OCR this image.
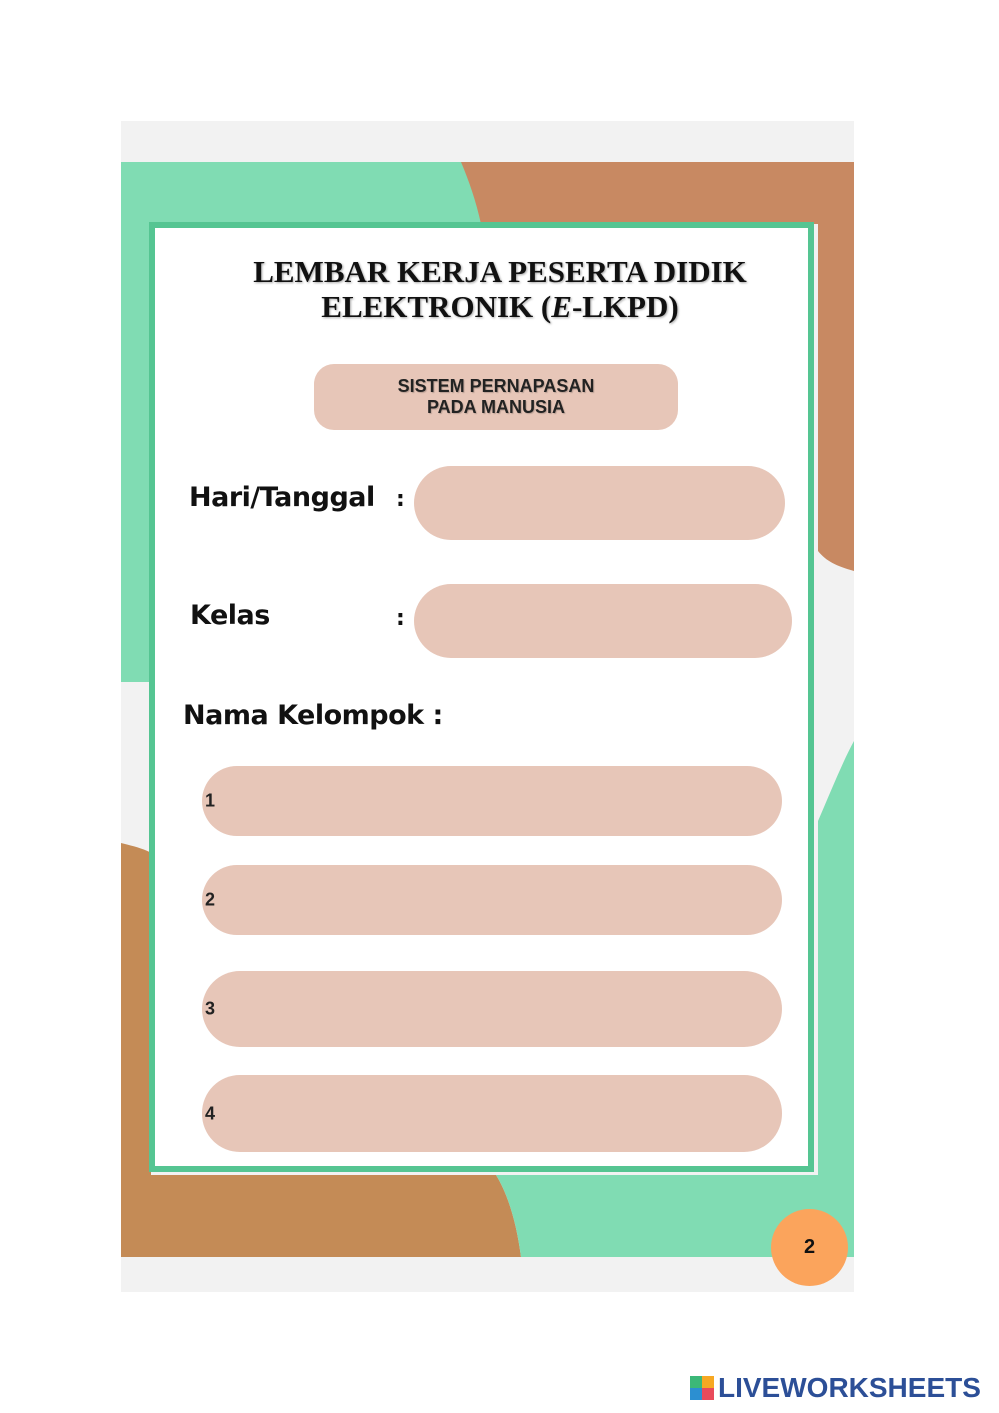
LEMBAR KERJA PESERTA DIDIK
ELEKTRONIK (E-LKPD)
SISTEM PERNAPASAN
PADA MANUSIA
Hari/Tanggal :
Kelas	:
Nama Kelompok :
1
2
3
4
2
LIVEWORKSHEETS
